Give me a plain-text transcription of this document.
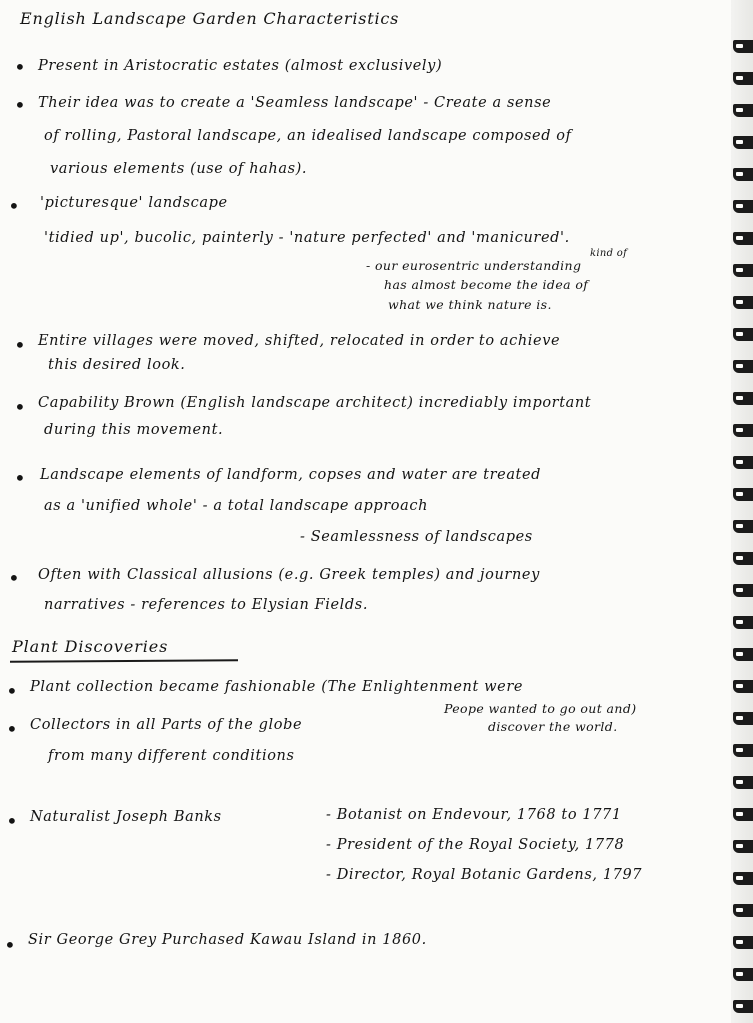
English Landscape Garden Characteristics
• Present in Aristocratic estates (almost exclusively)
• Their idea was to create a 'Seamless landscape' - Create a sense
of rolling, Pastoral landscape, an idealised landscape composed of
various elements (use of hahas).
• 'picturesque' landscape
'tidied up', bucolic, painterly - 'nature perfected' and 'manicured'.
kind of
- our eurosentric understanding
has almost become the idea of
what we think nature is.
• Entire villages were moved, shifted, relocated in order to achieve
this desired look.
• Capability Brown (English landscape architect) incrediably important
during this movement.
• Landscape elements of landform, copses and water are treated
as a 'unified whole' - a total landscape approach
- Seamlessness of landscapes
• Often with Classical allusions (e.g. Greek temples) and journey
narratives - references to Elysian Fields.
Plant Discoveries
• Plant collection became fashionable (The Enlightenment were
Peope wanted to go out and)
discover the world.
• Collectors in all Parts of the globe
from many different conditions
• Naturalist Joseph Banks	- Botanist on Endevour, 1768 to 1771
- President of the Royal Society, 1778
- Director, Royal Botanic Gardens, 1797
• Sir George Grey Purchased Kawau Island in 1860.
